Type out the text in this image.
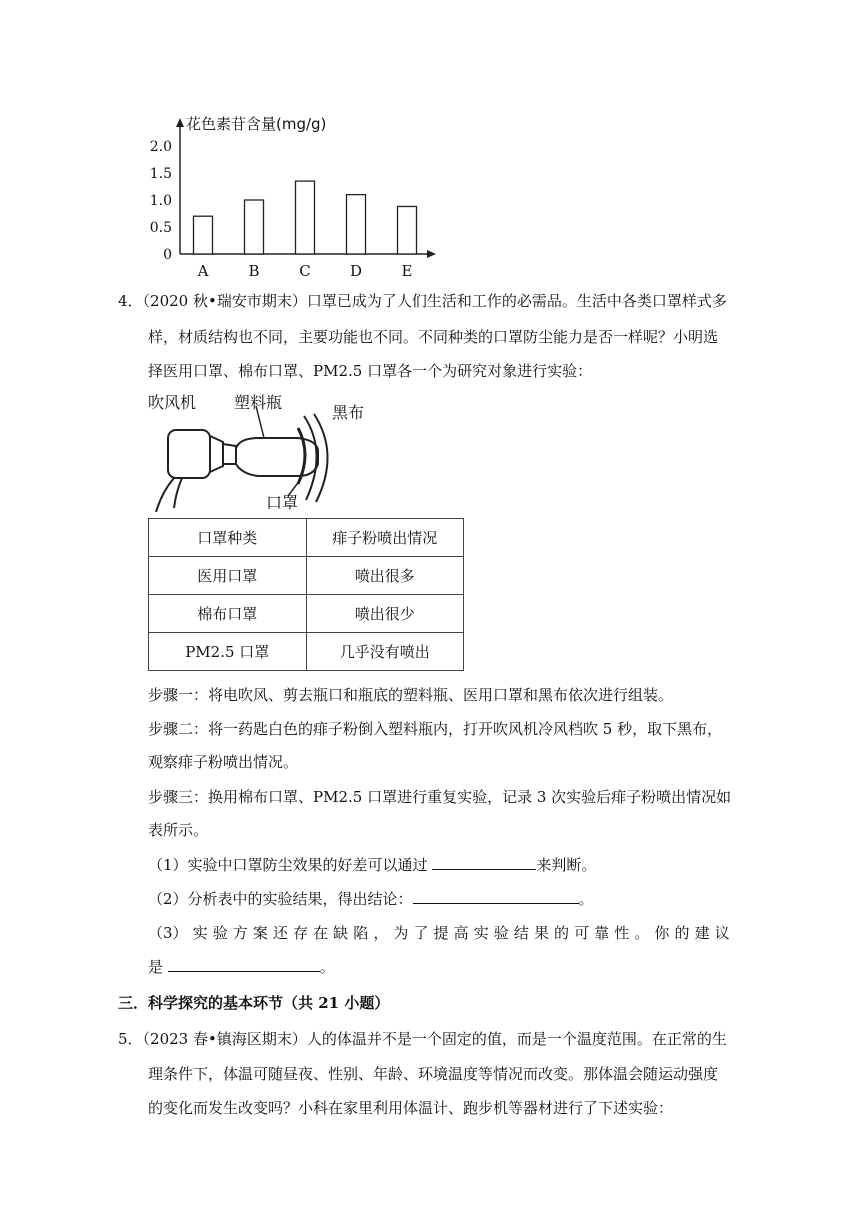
花色素苷含量(mg/g)
0
0.5
1.0
1.5
2.0
A	B	C	D	E
4．（2020 秋•瑞安市期末）口罩已成为了人们生活和工作的必需品。生活中各类口罩样式多
样，材质结构也不同，主要功能也不同。不同种类的口罩防尘能力是否一样呢？小明选
择医用口罩、棉布口罩、PM2.5 口罩各一个为研究对象进行实验：
吹风机 塑料瓶
黑布
口罩
口罩种类	痱子粉喷出情况
医用口罩	喷出很多
棉布口罩	喷出很少
PM2.5 口罩	几乎没有喷出
步骤一：将电吹风、剪去瓶口和瓶底的塑料瓶、医用口罩和黑布依次进行组装。
步骤二：将一药匙白色的痱子粉倒入塑料瓶内，打开吹风机冷风档吹 5 秒，取下黑布，
观察痱子粉喷出情况。
步骤三：换用棉布口罩、PM2.5 口罩进行重复实验，记录 3 次实验后痱子粉喷出情况如
表所示。
（1）实验中口罩防尘效果的好差可以通过	来判断。
（2）分析表中的实验结果，得出结论：	。
（3） 实 验 方 案 还 存 在 缺 陷 ， 为 了 提 高 实 验 结 果 的 可 靠 性 。 你 的 建 议
是	。
三．科学探究的基本环节（共 21 小题）
5．（2023 春•镇海区期末）人的体温并不是一个固定的值，而是一个温度范围。在正常的生
理条件下，体温可随昼夜、性别、年龄、环境温度等情况而改变。那体温会随运动强度
的变化而发生改变吗？小科在家里利用体温计、跑步机等器材进行了下述实验：
